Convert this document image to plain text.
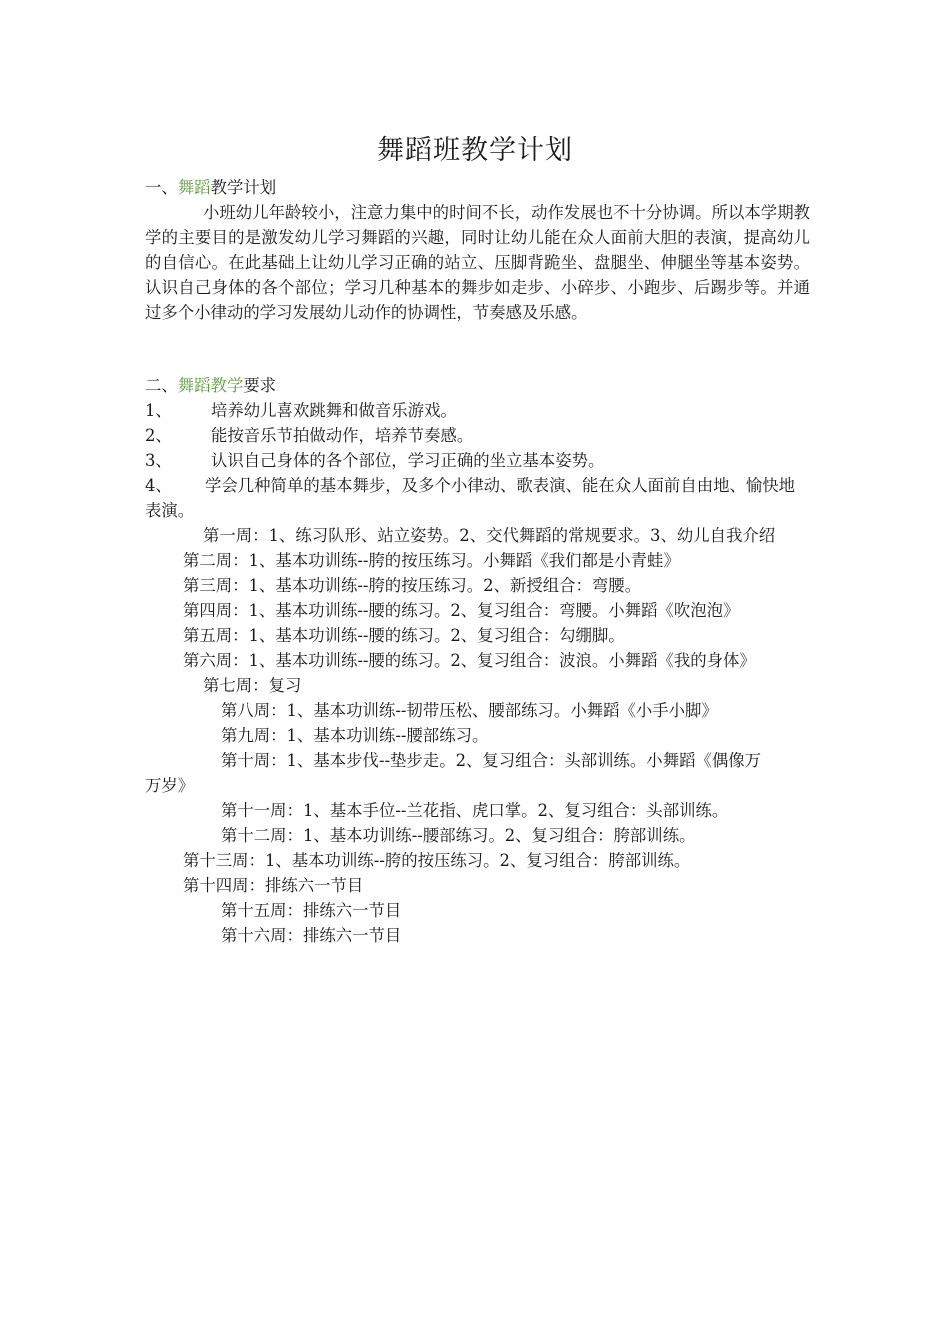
舞蹈班教学计划
一、舞蹈教学计划
小班幼儿年龄较小，注意力集中的时间不长，动作发展也不十分协调。所以本学期教学的主要目的是激发幼儿学习舞蹈的兴趣，同时让幼儿能在众人面前大胆的表演，提高幼儿的自信心。在此基础上让幼儿学习正确的站立、压脚背跪坐、盘腿坐、伸腿坐等基本姿势。认识自己身体的各个部位；学习几种基本的舞步如走步、小碎步、小跑步、后踢步等。并通过多个小律动的学习发展幼儿动作的协调性，节奏感及乐感。
二、舞蹈教学要求
1、 培养幼儿喜欢跳舞和做音乐游戏。
2、 能按音乐节拍做动作，培养节奏感。
3、 认识自己身体的各个部位，学习正确的坐立基本姿势。
4、 学会几种简单的基本舞步，及多个小律动、歌表演、能在众人面前自由地、愉快地表演。
第一周：1、练习队形、站立姿势。2、交代舞蹈的常规要求。3、幼儿自我介绍
第二周：1、基本功训练--胯的按压练习。小舞蹈《我们都是小青蛙》
第三周：1、基本功训练--胯的按压练习。2、新授组合：弯腰。
第四周：1、基本功训练--腰的练习。2、复习组合：弯腰。小舞蹈《吹泡泡》
第五周：1、基本功训练--腰的练习。2、复习组合：勾绷脚。
第六周：1、基本功训练--腰的练习。2、复习组合：波浪。小舞蹈《我的身体》
第七周：复习
第八周：1、基本功训练--韧带压松、腰部练习。小舞蹈《小手小脚》
第九周：1、基本功训练--腰部练习。
第十周：1、基本步伐--垫步走。2、复习组合：头部训练。小舞蹈《偶像万
万岁》
第十一周：1、基本手位--兰花指、虎口掌。2、复习组合：头部训练。
第十二周：1、基本功训练--腰部练习。2、复习组合：胯部训练。
第十三周：1、基本功训练--胯的按压练习。2、复习组合：胯部训练。
第十四周：排练六一节目
第十五周：排练六一节目
第十六周：排练六一节目
